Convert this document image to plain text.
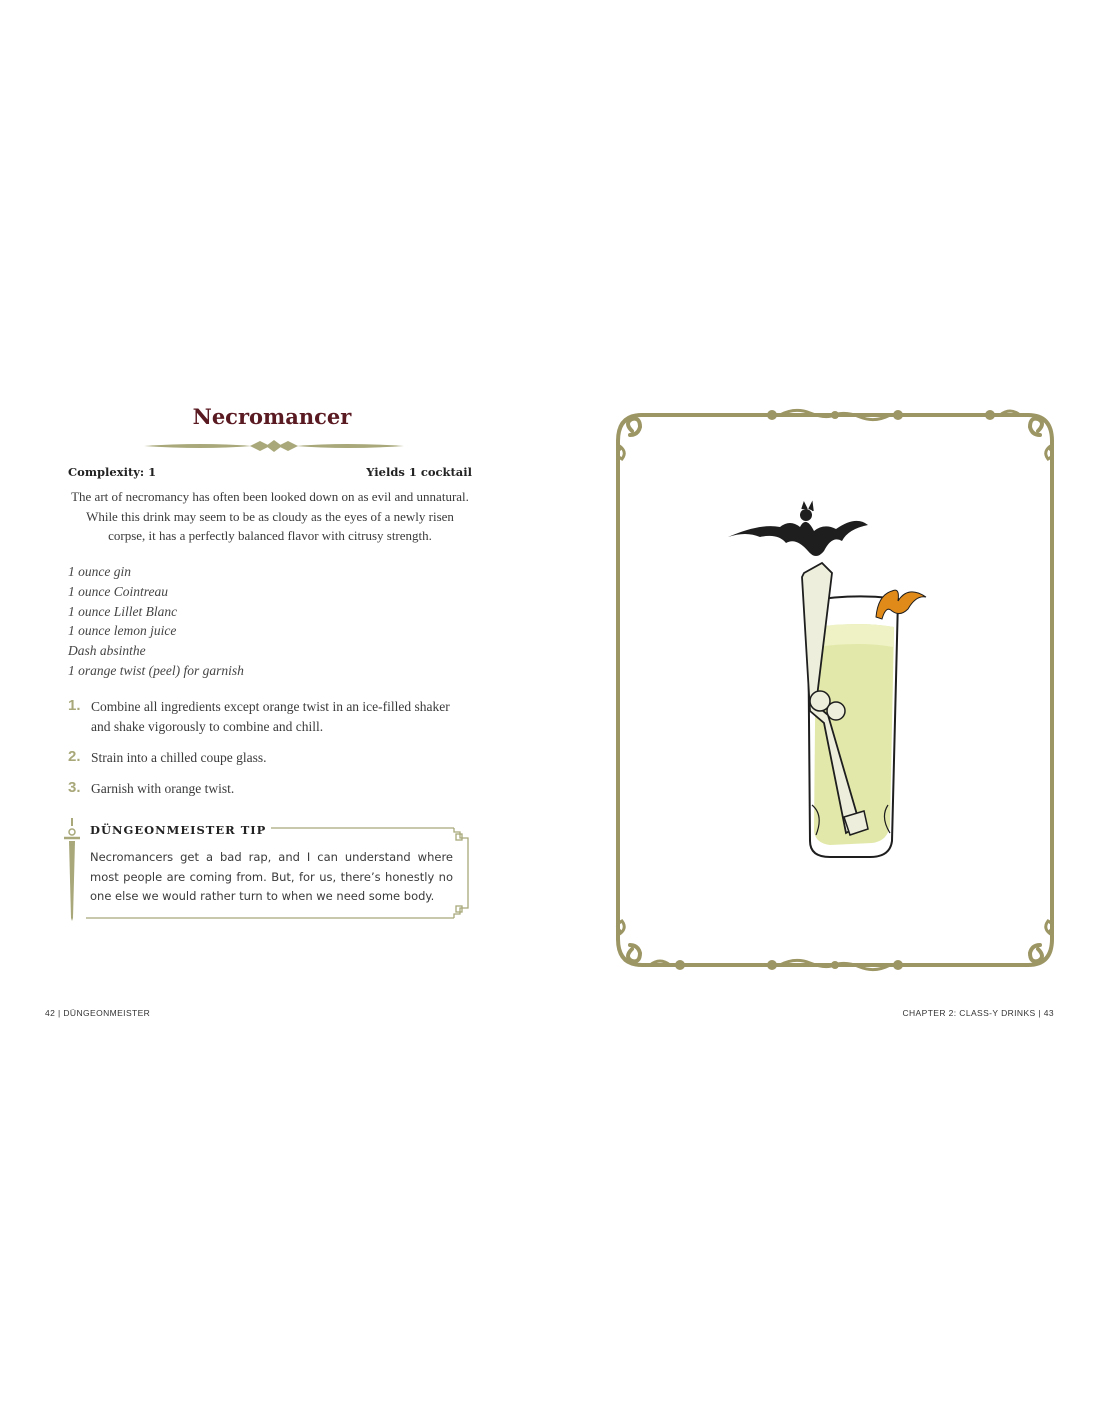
Necromancer
Complexity: 1	Yields 1 cocktail
The art of necromancy has often been looked down on as evil and unnatural. While this drink may seem to be as cloudy as the eyes of a newly risen corpse, it has a perfectly balanced flavor with citrusy strength.
1 ounce gin
1 ounce Cointreau
1 ounce Lillet Blanc
1 ounce lemon juice
Dash absinthe
1 orange twist (peel) for garnish
1. Combine all ingredients except orange twist in an ice-filled shaker and shake vigorously to combine and chill.
2. Strain into a chilled coupe glass.
3. Garnish with orange twist.
DÜNGEONMEISTER TIP
Necromancers get a bad rap, and I can understand where most people are coming from. But, for us, there’s honestly no one else we would rather turn to when we need some body.
42 | DÜNGEONMEISTER	CHAPTER 2: CLASS-Y DRINKS | 43
